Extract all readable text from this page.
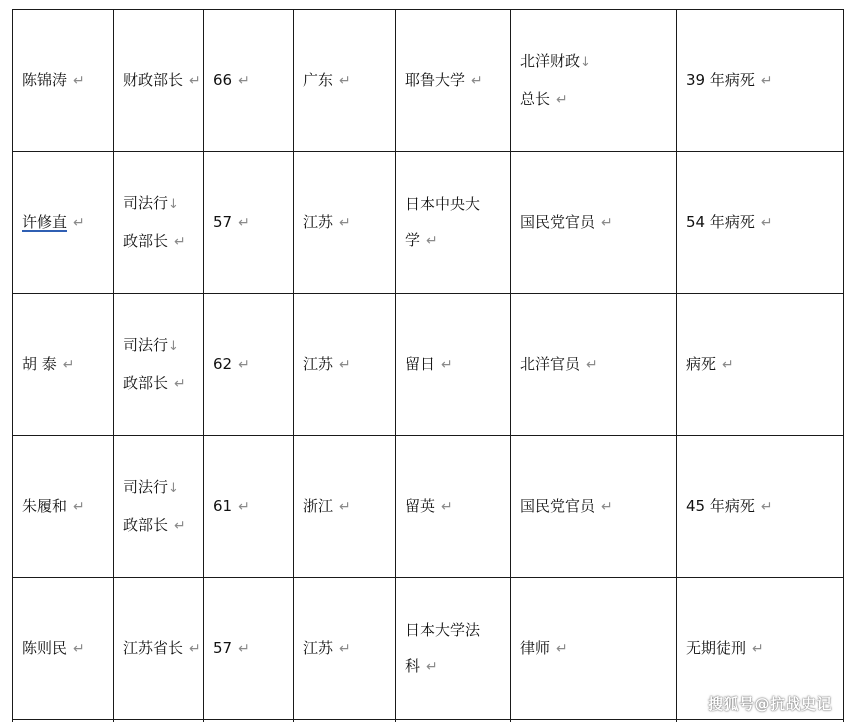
陈锦涛 ↵	财政部长 ↵	66 ↵	广东 ↵	耶鲁大学 ↵	北洋财政↓
总长 ↵	39 年病死 ↵
许修直 ↵	司法行↓
政部长 ↵	57 ↵	江苏 ↵	日本中央大
学 ↵	国民党官员 ↵	54 年病死 ↵
胡 泰 ↵	司法行↓
政部长 ↵	62 ↵	江苏 ↵	留日 ↵	北洋官员 ↵	病死 ↵
朱履和 ↵	司法行↓
政部长 ↵	61 ↵	浙江 ↵	留英 ↵	国民党官员 ↵	45 年病死 ↵
陈则民 ↵	江苏省长 ↵	57 ↵	江苏 ↵	日本大学法
科 ↵	律师 ↵	无期徒刑 ↵

搜狐号@抗战史记
